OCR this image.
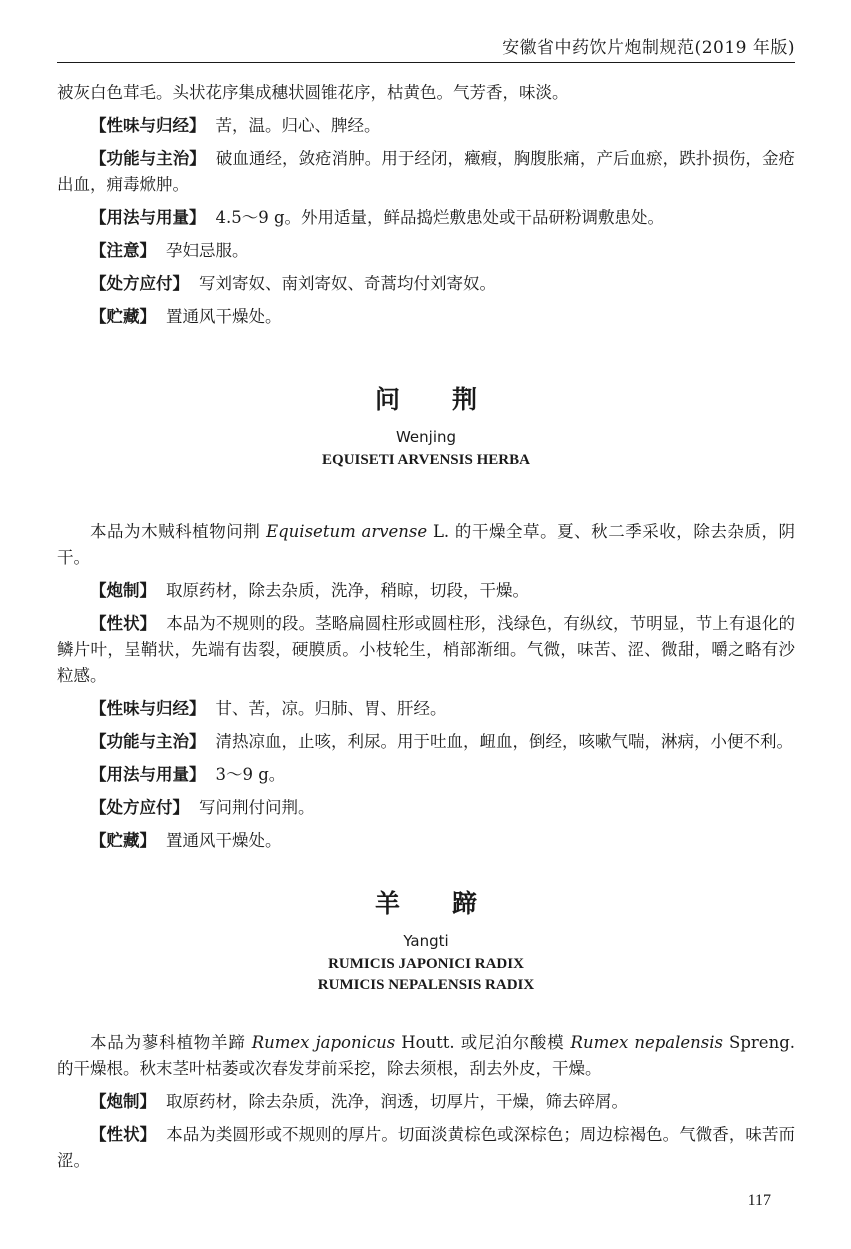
安徽省中药饮片炮制规范(2019 年版)

被灰白色茸毛。头状花序集成穗状圆锥花序，枯黄色。气芳香，味淡。

【性味与归经】 苦，温。归心、脾经。

【功能与主治】 破血通经，敛疮消肿。用于经闭，癥瘕，胸腹胀痛，产后血瘀，跌扑损伤，金疮出血，痈毒焮肿。

【用法与用量】 4.5～9 g。外用适量，鲜品捣烂敷患处或干品研粉调敷患处。

【注意】 孕妇忌服。

【处方应付】 写刘寄奴、南刘寄奴、奇蒿均付刘寄奴。

【贮藏】 置通风干燥处。

问 荆
Wenjing
EQUISETI ARVENSIS HERBA

本品为木贼科植物问荆 Equisetum arvense L. 的干燥全草。夏、秋二季采收，除去杂质，阴干。

【炮制】 取原药材，除去杂质，洗净，稍晾，切段，干燥。

【性状】 本品为不规则的段。茎略扁圆柱形或圆柱形，浅绿色，有纵纹，节明显，节上有退化的鳞片叶，呈鞘状，先端有齿裂，硬膜质。小枝轮生，梢部渐细。气微，味苦、涩、微甜，嚼之略有沙粒感。

【性味与归经】 甘、苦，凉。归肺、胃、肝经。

【功能与主治】 清热凉血，止咳，利尿。用于吐血，衄血，倒经，咳嗽气喘，淋病，小便不利。

【用法与用量】 3～9 g。

【处方应付】 写问荆付问荆。

【贮藏】 置通风干燥处。

羊 蹄
Yangti
RUMICIS JAPONICI RADIX
RUMICIS NEPALENSIS RADIX

本品为蓼科植物羊蹄 Rumex japonicus Houtt. 或尼泊尔酸模 Rumex nepalensis Spreng. 的干燥根。秋末茎叶枯萎或次春发芽前采挖，除去须根，刮去外皮，干燥。

【炮制】 取原药材，除去杂质，洗净，润透，切厚片，干燥，筛去碎屑。

【性状】 本品为类圆形或不规则的厚片。切面淡黄棕色或深棕色；周边棕褐色。气微香，味苦而涩。

117
